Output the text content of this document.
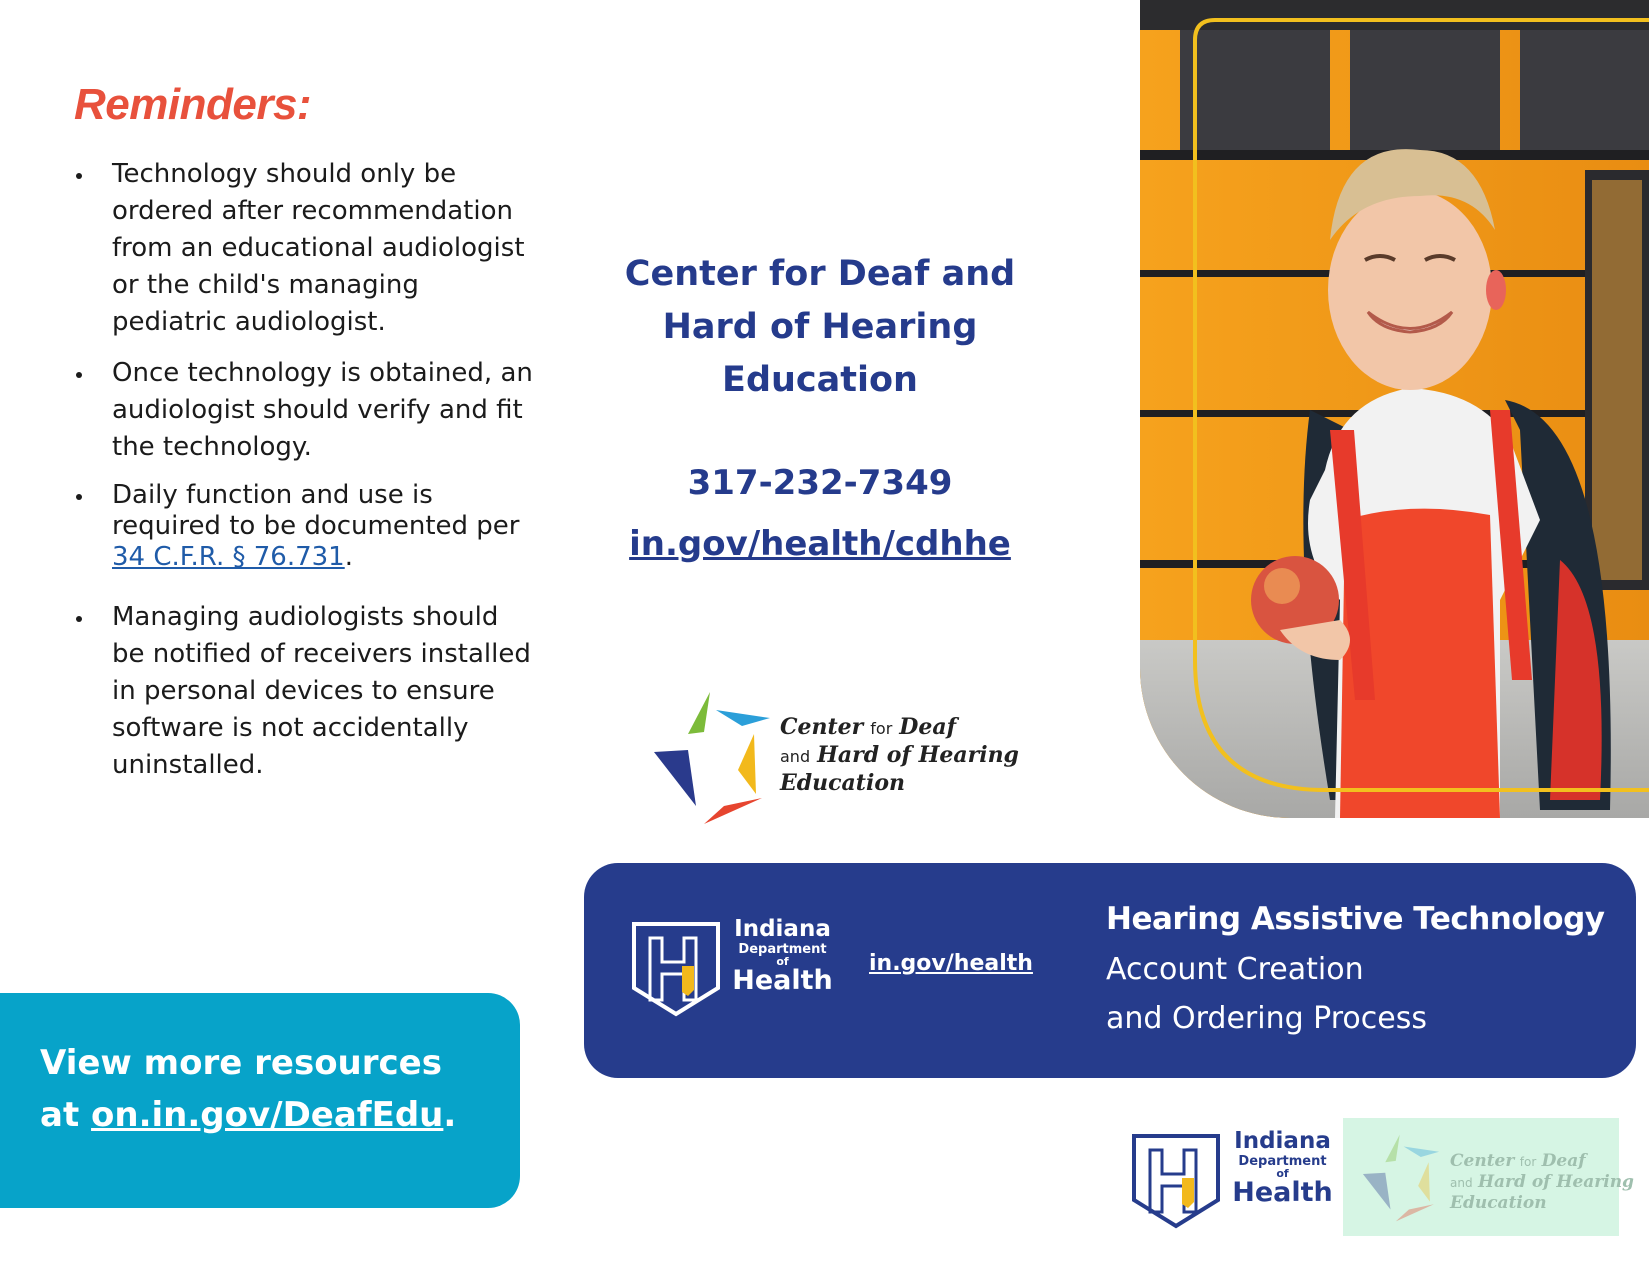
Reminders:
Technology should only be ordered after recommendation from an educational audiologist or the child's managing pediatric audiologist.
Once technology is obtained, an audiologist should verify and fit the technology.
Daily function and use is required to be documented per
34 C.F.R. § 76.731.
Managing audiologists should be notified of receivers installed in personal devices to ensure software is not accidentally uninstalled.
View more resources
at on.in.gov/DeafEdu.
Center for Deaf and
Hard of Hearing
Education
317-232-7349
in.gov/health/cdhhe
Center for Deaf
and Hard of Hearing
Education
Indiana
Department
of
Health
in.gov/health
Hearing Assistive Technology
Account Creation
and Ordering Process
Indiana
Department
of
Health
Center for Deaf
and Hard of Hearing
Education
